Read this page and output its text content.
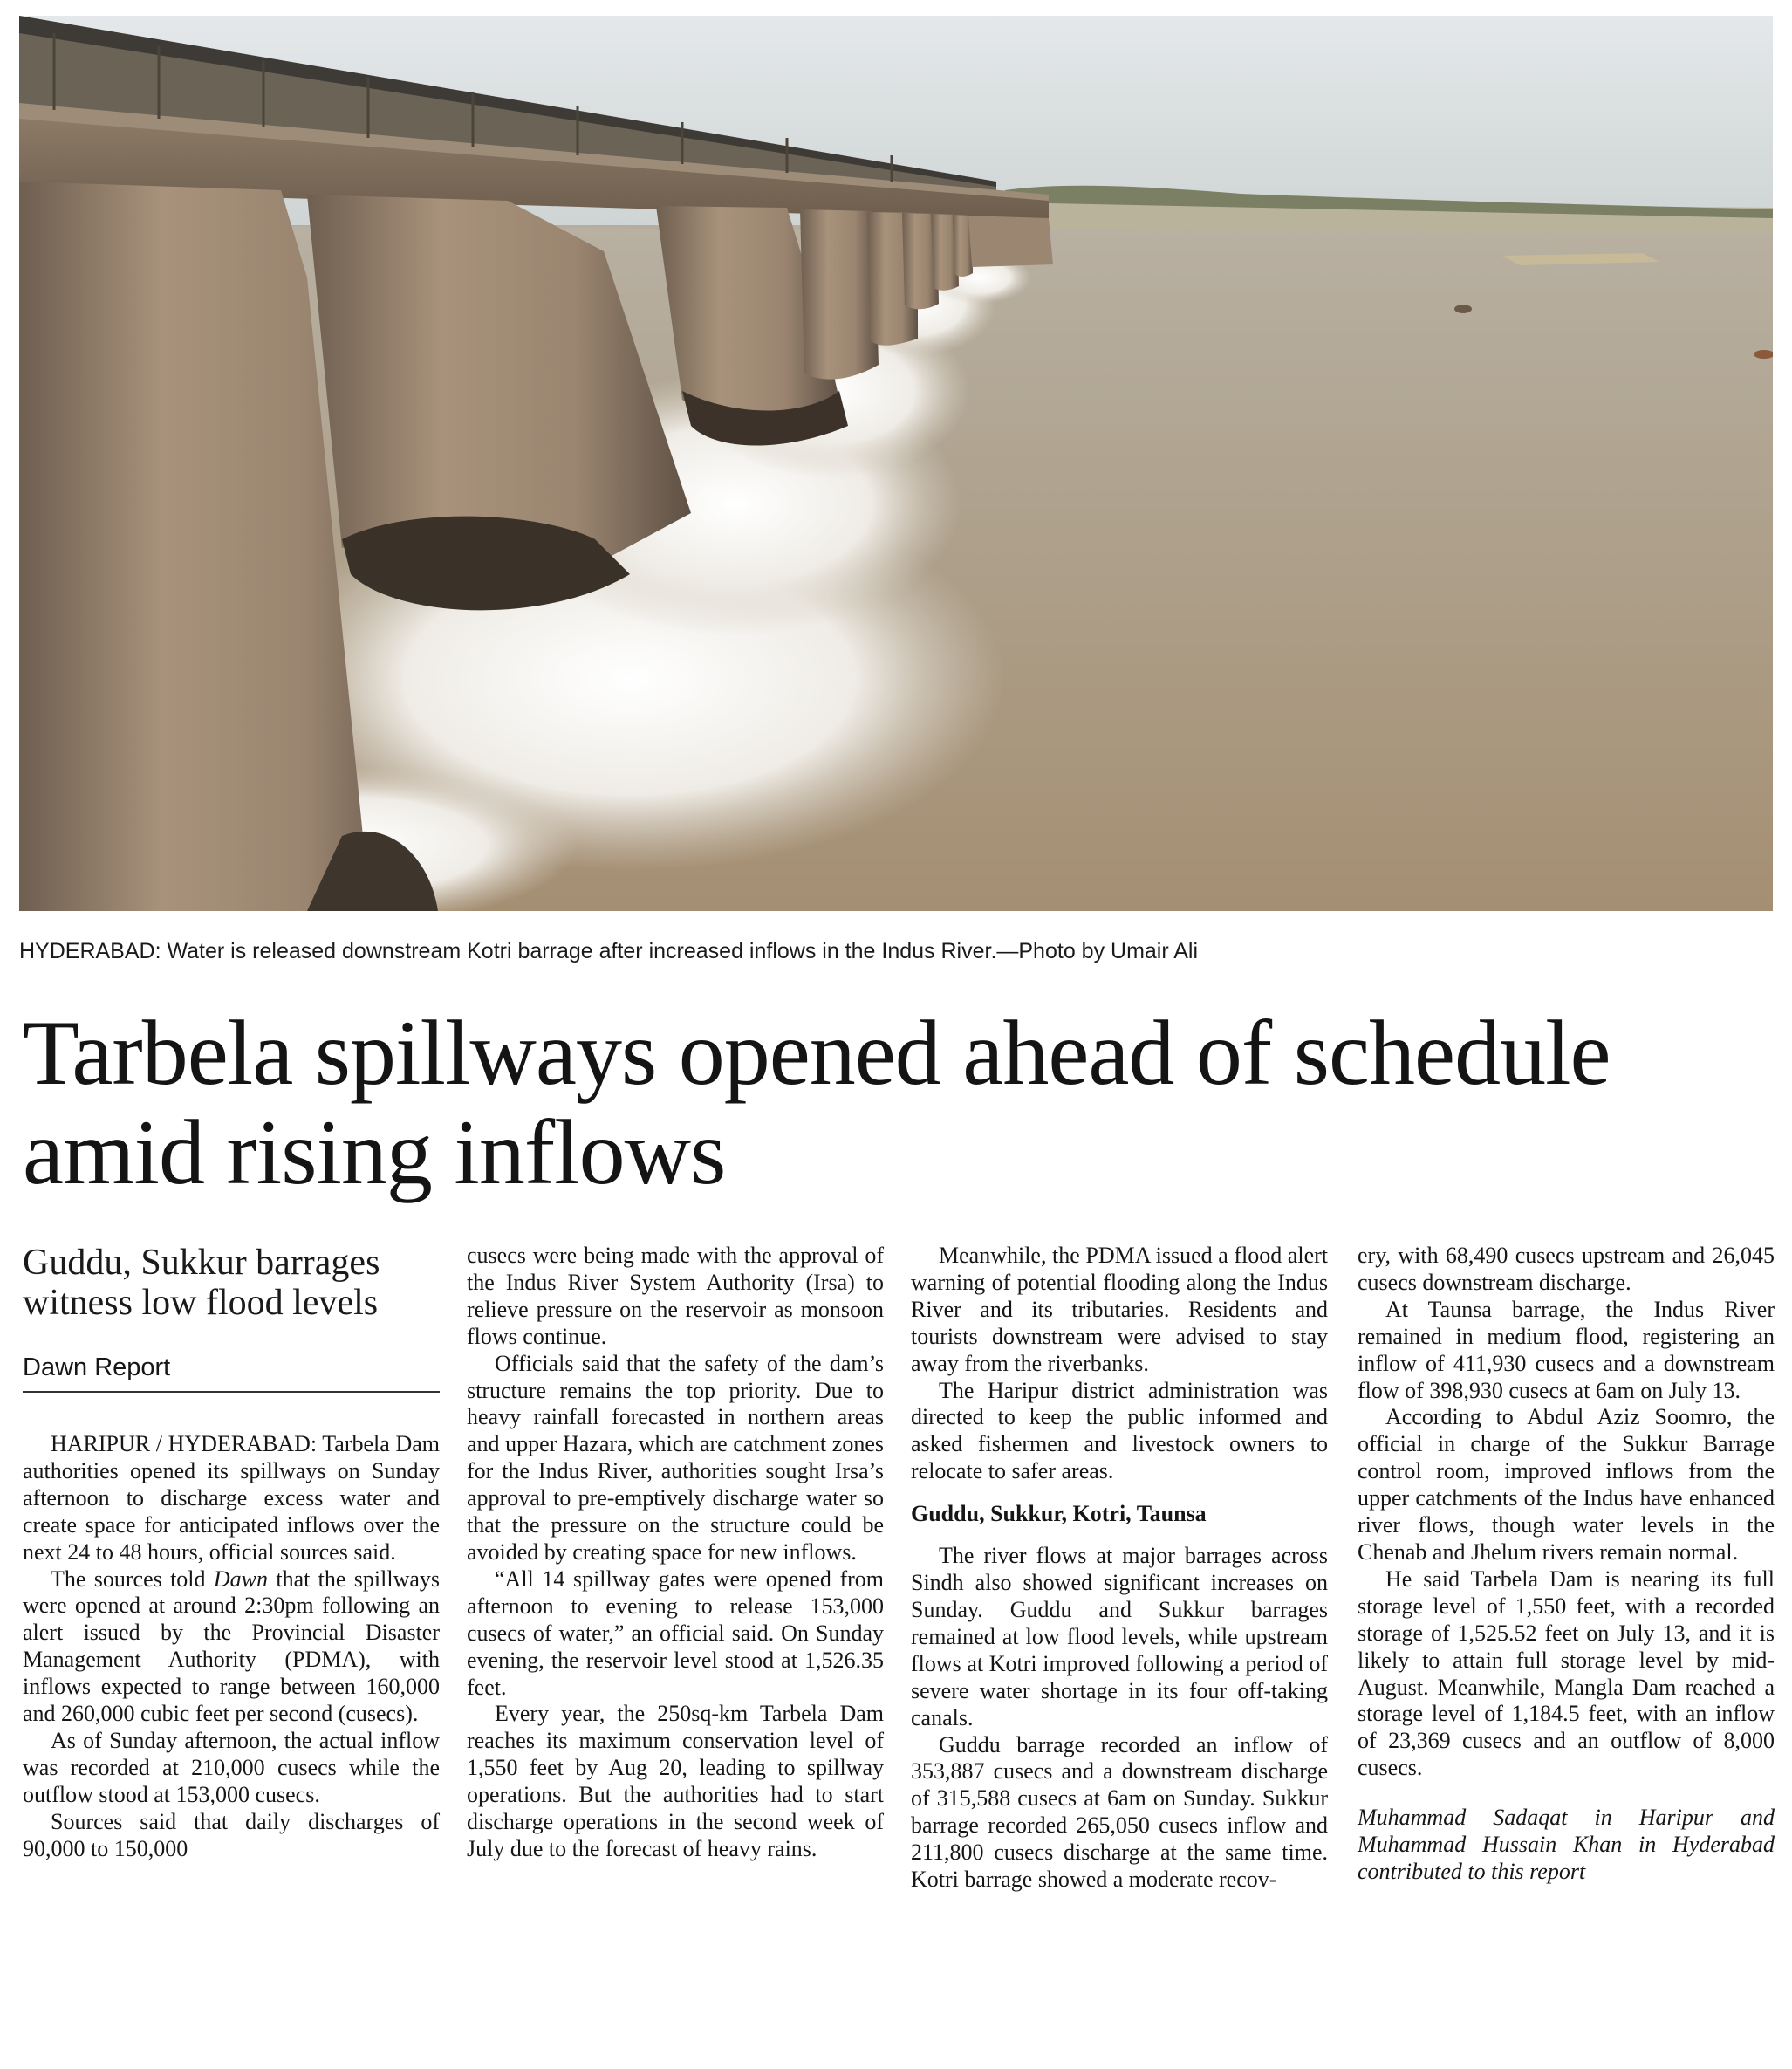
HYDERABAD: Water is released downstream Kotri barrage after increased inflows in the Indus River.—Photo by Umair Ali
Tarbela spillways opened ahead of schedule amid rising inflows
Guddu, Sukkur barrages witness low flood levels
Dawn Report

HARIPUR / HYDERABAD: Tarbela Dam authorities opened its spillways on Sunday afternoon to discharge excess water and create space for anticipated inflows over the next 24 to 48 hours, official sources said.

The sources told Dawn that the spillways were opened at around 2:30pm following an alert issued by the Provincial Disaster Management Authority (PDMA), with inflows expected to range between 160,000 and 260,000 cubic feet per second (cusecs).

As of Sunday afternoon, the actual inflow was recorded at 210,000 cusecs while the outflow stood at 153,000 cusecs.

Sources said that daily discharges of 90,000 to 150,000

cusecs were being made with the approval of the Indus River System Authority (Irsa) to relieve pressure on the reservoir as monsoon flows continue.

Officials said that the safety of the dam’s structure remains the top priority. Due to heavy rainfall forecasted in northern areas and upper Hazara, which are catchment zones for the Indus River, authorities sought Irsa’s approval to pre-emptively discharge water so that the pressure on the structure could be avoided by creating space for new inflows.

“All 14 spillway gates were opened from afternoon to evening to release 153,000 cusecs of water,” an official said. On Sunday evening, the reservoir level stood at 1,526.35 feet.

Every year, the 250sq-km Tarbela Dam reaches its maximum conservation level of 1,550 feet by Aug 20, leading to spillway operations. But the authorities had to start discharge operations in the second week of July due to the forecast of heavy rains.

Meanwhile, the PDMA issued a flood alert warning of potential flooding along the Indus River and its tributaries. Residents and tourists downstream were advised to stay away from the riverbanks.

The Haripur district administration was directed to keep the public informed and asked fishermen and livestock owners to relocate to safer areas.

Guddu, Sukkur, Kotri, Taunsa

The river flows at major barrages across Sindh also showed significant increases on Sunday. Guddu and Sukkur barrages remained at low flood levels, while upstream flows at Kotri improved following a period of severe water shortage in its four off-taking canals.

Guddu barrage recorded an inflow of 353,887 cusecs and a downstream discharge of 315,588 cusecs at 6am on Sunday. Sukkur barrage recorded 265,050 cusecs inflow and 211,800 cusecs discharge at the same time. Kotri barrage showed a moderate recov-

ery, with 68,490 cusecs upstream and 26,045 cusecs downstream discharge.

At Taunsa barrage, the Indus River remained in medium flood, registering an inflow of 411,930 cusecs and a downstream flow of 398,930 cusecs at 6am on July 13.

According to Abdul Aziz Soomro, the official in charge of the Sukkur Barrage control room, improved inflows from the upper catchments of the Indus have enhanced river flows, though water levels in the Chenab and Jhelum rivers remain normal.

He said Tarbela Dam is nearing its full storage level of 1,550 feet, with a recorded storage of 1,525.52 feet on July 13, and it is likely to attain full storage level by mid-August. Meanwhile, Mangla Dam reached a storage level of 1,184.5 feet, with an inflow of 23,369 cusecs and an outflow of 8,000 cusecs.

Muhammad Sadaqat in Haripur and Muhammad Hussain Khan in Hyderabad contributed to this report
